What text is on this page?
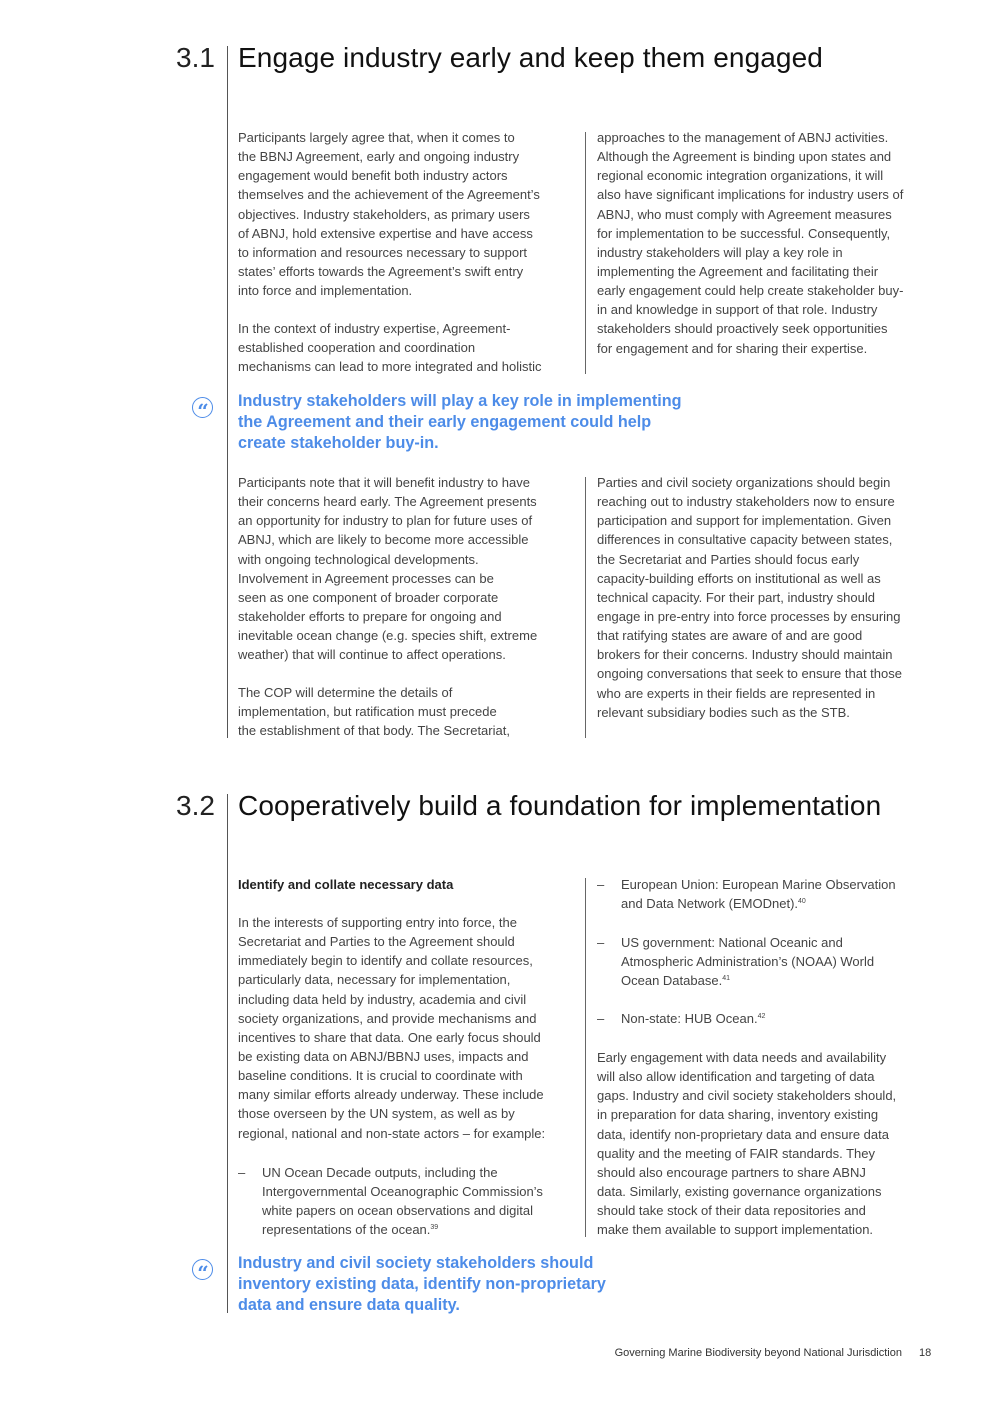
3.1 Engage industry early and keep them engaged
Participants largely agree that, when it comes to
the BBNJ Agreement, early and ongoing industry
engagement would benefit both industry actors
themselves and the achievement of the Agreement’s
objectives. Industry stakeholders, as primary users
of ABNJ, hold extensive expertise and have access
to information and resources necessary to support
states’ efforts towards the Agreement’s swift entry
into force and implementation.
In the context of industry expertise, Agreement-
established cooperation and coordination
mechanisms can lead to more integrated and holistic
approaches to the management of ABNJ activities.
Although the Agreement is binding upon states and
regional economic integration organizations, it will
also have significant implications for industry users of
ABNJ, who must comply with Agreement measures
for implementation to be successful. Consequently,
industry stakeholders will play a key role in
implementing the Agreement and facilitating their
early engagement could help create stakeholder buy-
in and knowledge in support of that role. Industry
stakeholders should proactively seek opportunities
for engagement and for sharing their expertise.
“	Industry stakeholders will play a key role in implementing
the Agreement and their early engagement could help
create stakeholder buy-in.
Participants note that it will benefit industry to have
their concerns heard early. The Agreement presents
an opportunity for industry to plan for future uses of
ABNJ, which are likely to become more accessible
with ongoing technological developments.
Involvement in Agreement processes can be
seen as one component of broader corporate
stakeholder efforts to prepare for ongoing and
inevitable ocean change (e.g. species shift, extreme
weather) that will continue to affect operations.
The COP will determine the details of
implementation, but ratification must precede
the establishment of that body. The Secretariat,
Parties and civil society organizations should begin
reaching out to industry stakeholders now to ensure
participation and support for implementation. Given
differences in consultative capacity between states,
the Secretariat and Parties should focus early
capacity-building efforts on institutional as well as
technical capacity. For their part, industry should
engage in pre-entry into force processes by ensuring
that ratifying states are aware of and are good
brokers for their concerns. Industry should maintain
ongoing conversations that seek to ensure that those
who are experts in their fields are represented in
relevant subsidiary bodies such as the STB.
3.2 Cooperatively build a foundation for implementation
Identify and collate necessary data
In the interests of supporting entry into force, the
Secretariat and Parties to the Agreement should
immediately begin to identify and collate resources,
particularly data, necessary for implementation,
including data held by industry, academia and civil
society organizations, and provide mechanisms and
incentives to share that data. One early focus should
be existing data on ABNJ/BBNJ uses, impacts and
baseline conditions. It is crucial to coordinate with
many similar efforts already underway. These include
those overseen by the UN system, as well as by
regional, national and non-state actors – for example:
– UN Ocean Decade outputs, including the
Intergovernmental Oceanographic Commission’s
white papers on ocean observations and digital
representations of the ocean.$^{39}$
– European Union: European Marine Observation
and Data Network (EMODnet).$^{40}$
– US government: National Oceanic and
Atmospheric Administration’s (NOAA) World
Ocean Database.$^{41}$
– Non-state: HUB Ocean.$^{42}$
Early engagement with data needs and availability
will also allow identification and targeting of data
gaps. Industry and civil society stakeholders should,
in preparation for data sharing, inventory existing
data, identify non-proprietary data and ensure data
quality and the meeting of FAIR standards. They
should also encourage partners to share ABNJ
data. Similarly, existing governance organizations
should take stock of their data repositories and
make them available to support implementation.
“	Industry and civil society stakeholders should
inventory existing data, identify non-proprietary
data and ensure data quality.
Governing Marine Biodiversity beyond National Jurisdiction 18
